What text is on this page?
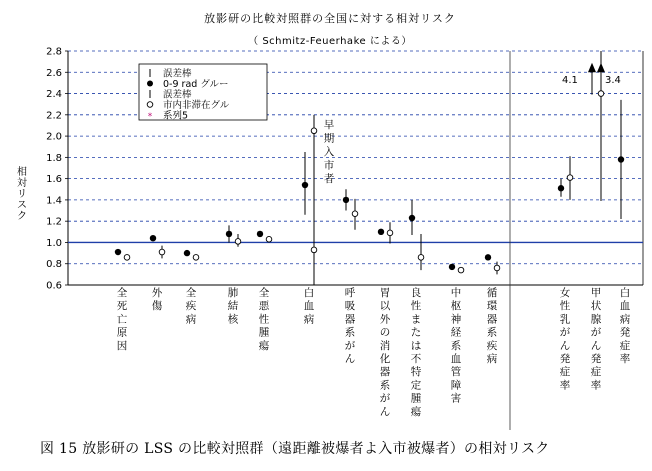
放影研の比較対照群の全国に対する相対リスク
（ Schmitz-Feuerhake による）
相
対
リ
ス
ク
0.6
0.8
1.0
1.2
1.4
1.6
1.8
2.0
2.2
2.4
2.6
2.8
全
死
亡
原
因
外
傷
全
疾
病
肺
結
核
全
悪
性
腫
瘍
白
血
病
呼
吸
器
系
が
ん
胃
以
外
の
消
化
器
系
が
ん
良
性
ま
た
は
不
特
定
腫
瘍
中
枢
神
経
系
血
管
障
害
循
環
器
系
疾
病
女
性
乳
が
ん
発
症
率
甲
状
腺
が
ん
発
症
率
白
血
病
発
症
率
早
期
入
市
者
4.1	3.4
誤差棒
0-9 rad グルー
誤差棒
市内非滞在グル
* 系列5
図 15 放影研の LSS の比較対照群（遠距離被爆者よ入市被爆者）の相対リスク
